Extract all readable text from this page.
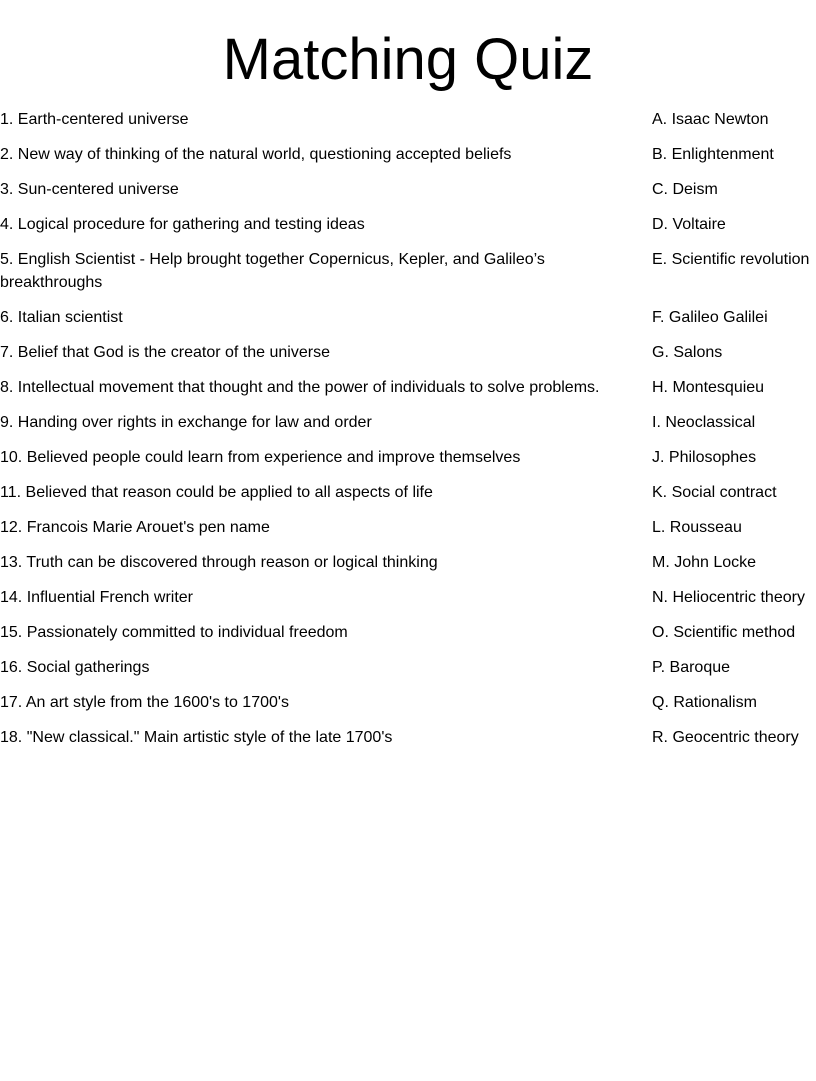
Matching Quiz
1. Earth-centered universe	A. Isaac Newton
2. New way of thinking of the natural world, questioning accepted beliefs	B. Enlightenment
3. Sun-centered universe	C. Deism
4. Logical procedure for gathering and testing ideas	D. Voltaire
5. English Scientist - Help brought together Copernicus, Kepler, and Galileo’s breakthroughs
E. Scientific revolution
6. Italian scientist	F. Galileo Galilei
7. Belief that God is the creator of the universe	G. Salons
8. Intellectual movement that thought and the power of individuals to solve problems.	H. Montesquieu
9. Handing over rights in exchange for law and order	I. Neoclassical
10. Believed people could learn from experience and improve themselves	J. Philosophes
11. Believed that reason could be applied to all aspects of life	K. Social contract
12. Francois Marie Arouet's pen name	L. Rousseau
13. Truth can be discovered through reason or logical thinking	M. John Locke
14. Influential French writer	N. Heliocentric theory
15. Passionately committed to individual freedom	O. Scientific method
16. Social gatherings	P. Baroque
17. An art style from the 1600's to 1700's	Q. Rationalism
18. "New classical." Main artistic style of the late 1700's	R. Geocentric theory
